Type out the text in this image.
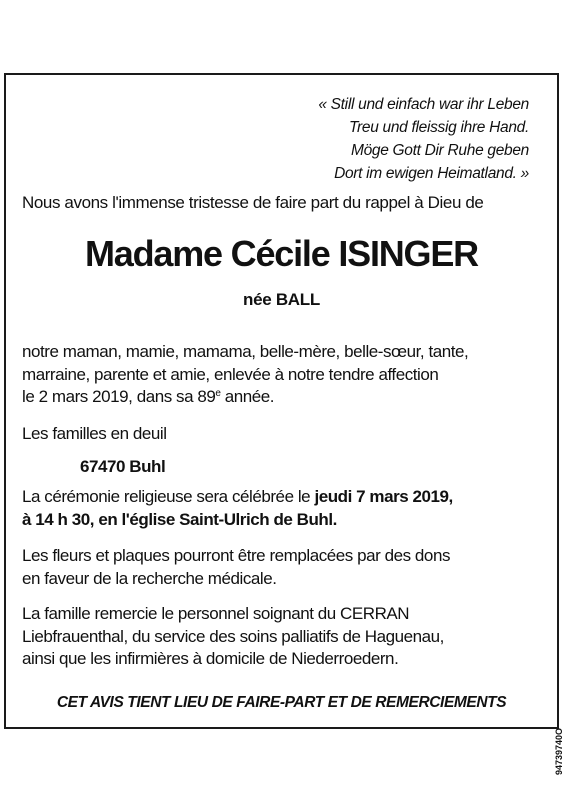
« Still und einfach war ihr Leben
Treu und fleissig ihre Hand.
Möge Gott Dir Ruhe geben
Dort im ewigen Heimatland. »
Nous avons l'immense tristesse de faire part du rappel à Dieu de
Madame Cécile ISINGER
née BALL
notre maman, mamie, mamama, belle-mère, belle-sœur, tante,
marraine, parente et amie, enlevée à notre tendre affection
le 2 mars 2019, dans sa 89e année.
Les familles en deuil
67470 Buhl
La cérémonie religieuse sera célébrée le jeudi 7 mars 2019,
à 14 h 30, en l'église Saint-Ulrich de Buhl.
Les fleurs et plaques pourront être remplacées par des dons
en faveur de la recherche médicale.
La famille remercie le personnel soignant du CERRAN
Liebfrauenthal, du service des soins palliatifs de Haguenau,
ainsi que les infirmières à domicile de Niederroedern.
CET AVIS TIENT LIEU DE FAIRE-PART ET DE REMERCIEMENTS
94739740O
